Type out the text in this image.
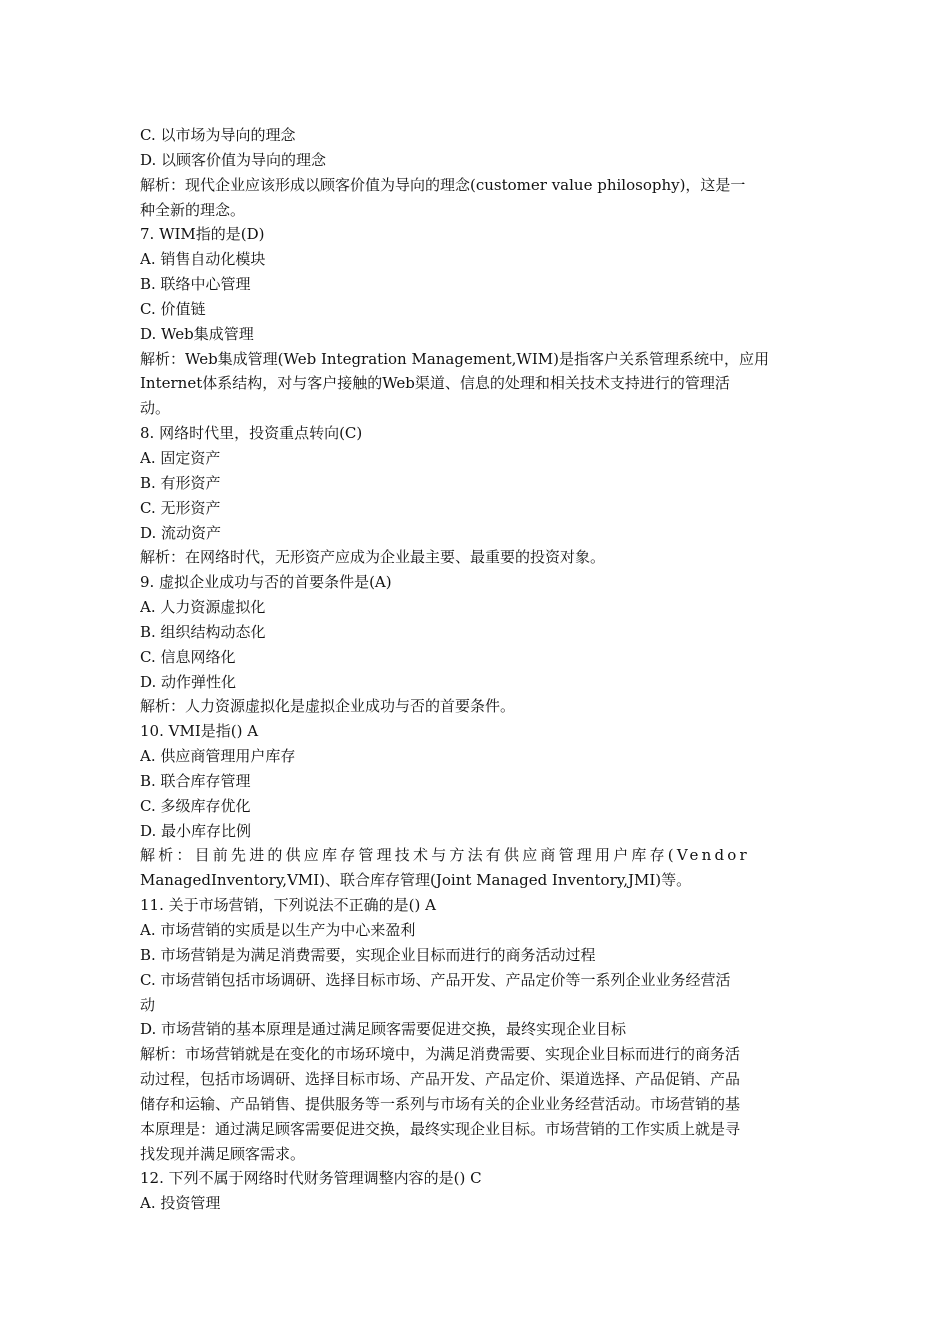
C. 以市场为导向的理念
D. 以顾客价值为导向的理念
解析：现代企业应该形成以顾客价值为导向的理念(customer value philosophy)，这是一
种全新的理念。
7. WIM指的是(D)
A. 销售自动化模块
B. 联络中心管理
C. 价值链
D. Web集成管理
解析：Web集成管理(Web Integration Management,WIM)是指客户关系管理系统中，应用
Internet体系结构，对与客户接触的Web渠道、信息的处理和相关技术支持进行的管理活
动。
8. 网络时代里，投资重点转向(C)
A. 固定资产
B. 有形资产
C. 无形资产
D. 流动资产
解析：在网络时代，无形资产应成为企业最主要、最重要的投资对象。
9. 虚拟企业成功与否的首要条件是(A)
A. 人力资源虚拟化
B. 组织结构动态化
C. 信息网络化
D. 动作弹性化
解析：人力资源虚拟化是虚拟企业成功与否的首要条件。
10. VMI是指() A
A. 供应商管理用户库存
B. 联合库存管理
C. 多级库存优化
D. 最小库存比例
解析：目前先进的供应库存管理技术与方法有供应商管理用户库存(Vendor
ManagedInventory,VMI)、联合库存管理(Joint Managed Inventory,JMI)等。
11. 关于市场营销，下列说法不正确的是() A
A. 市场营销的实质是以生产为中心来盈利
B. 市场营销是为满足消费需要，实现企业目标而进行的商务活动过程
C. 市场营销包括市场调研、选择目标市场、产品开发、产品定价等一系列企业业务经营活
动
D. 市场营销的基本原理是通过满足顾客需要促进交换，最终实现企业目标
解析：市场营销就是在变化的市场环境中，为满足消费需要、实现企业目标而进行的商务活
动过程，包括市场调研、选择目标市场、产品开发、产品定价、渠道选择、产品促销、产品
储存和运输、产品销售、提供服务等一系列与市场有关的企业业务经营活动。市场营销的基
本原理是：通过满足顾客需要促进交换，最终实现企业目标。市场营销的工作实质上就是寻
找发现并满足顾客需求。
12. 下列不属于网络时代财务管理调整内容的是() C
A. 投资管理
